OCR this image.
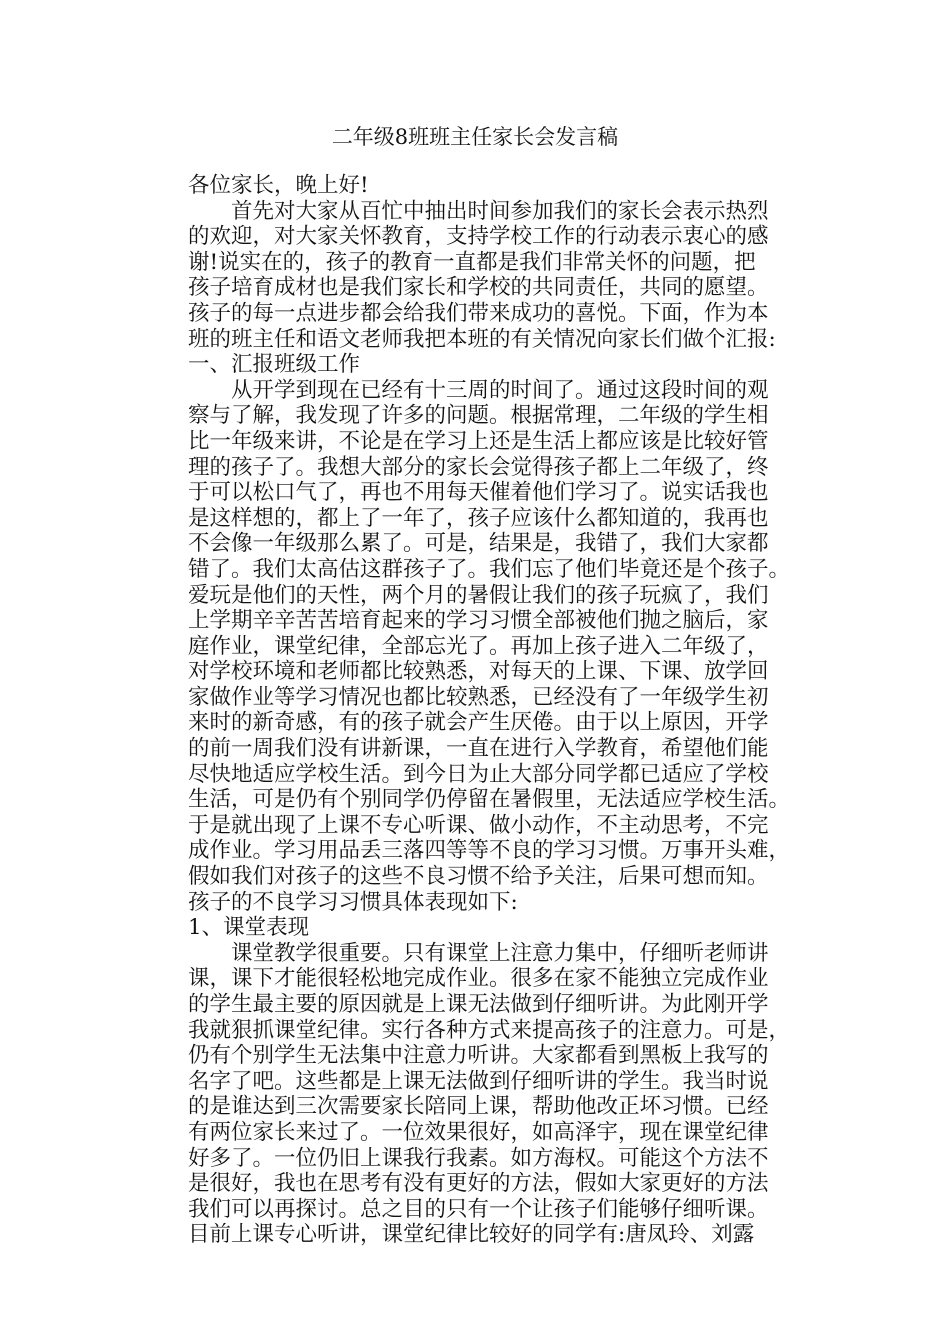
二年级8班班主任家长会发言稿
各位家长，晚上好!
　　首先对大家从百忙中抽出时间参加我们的家长会表示热烈
的欢迎，对大家关怀教育，支持学校工作的行动表示衷心的感
谢!说实在的，孩子的教育一直都是我们非常关怀的问题，把
孩子培育成材也是我们家长和学校的共同责任，共同的愿望。
孩子的每一点进步都会给我们带来成功的喜悦。下面，作为本
班的班主任和语文老师我把本班的有关情况向家长们做个汇报:
一、汇报班级工作
　　从开学到现在已经有十三周的时间了。通过这段时间的观
察与了解，我发现了许多的问题。根据常理，二年级的学生相
比一年级来讲，不论是在学习上还是生活上都应该是比较好管
理的孩子了。我想大部分的家长会觉得孩子都上二年级了，终
于可以松口气了，再也不用每天催着他们学习了。说实话我也
是这样想的，都上了一年了，孩子应该什么都知道的，我再也
不会像一年级那么累了。可是，结果是，我错了，我们大家都
错了。我们太高估这群孩子了。我们忘了他们毕竟还是个孩子。
爱玩是他们的天性，两个月的暑假让我们的孩子玩疯了，我们
上学期辛辛苦苦培育起来的学习习惯全部被他们抛之脑后，家
庭作业，课堂纪律，全部忘光了。再加上孩子进入二年级了，
对学校环境和老师都比较熟悉，对每天的上课、下课、放学回
家做作业等学习情况也都比较熟悉，已经没有了一年级学生初
来时的新奇感，有的孩子就会产生厌倦。由于以上原因，开学
的前一周我们没有讲新课，一直在进行入学教育，希望他们能
尽快地适应学校生活。到今日为止大部分同学都已适应了学校
生活，可是仍有个别同学仍停留在暑假里，无法适应学校生活。
于是就出现了上课不专心听课、做小动作，不主动思考，不完
成作业。学习用品丢三落四等等不良的学习习惯。万事开头难，
假如我们对孩子的这些不良习惯不给予关注，后果可想而知。
孩子的不良学习习惯具体表现如下:
1、课堂表现
　　课堂教学很重要。只有课堂上注意力集中，仔细听老师讲
课，课下才能很轻松地完成作业。很多在家不能独立完成作业
的学生最主要的原因就是上课无法做到仔细听讲。为此刚开学
我就狠抓课堂纪律。实行各种方式来提高孩子的注意力。可是，
仍有个别学生无法集中注意力听讲。大家都看到黑板上我写的
名字了吧。这些都是上课无法做到仔细听讲的学生。我当时说
的是谁达到三次需要家长陪同上课，帮助他改正坏习惯。已经
有两位家长来过了。一位效果很好，如高泽宇，现在课堂纪律
好多了。一位仍旧上课我行我素。如方海权。可能这个方法不
是很好，我也在思考有没有更好的方法，假如大家更好的方法
我们可以再探讨。总之目的只有一个让孩子们能够仔细听课。
目前上课专心听讲，课堂纪律比较好的同学有:唐凤玲、刘露
